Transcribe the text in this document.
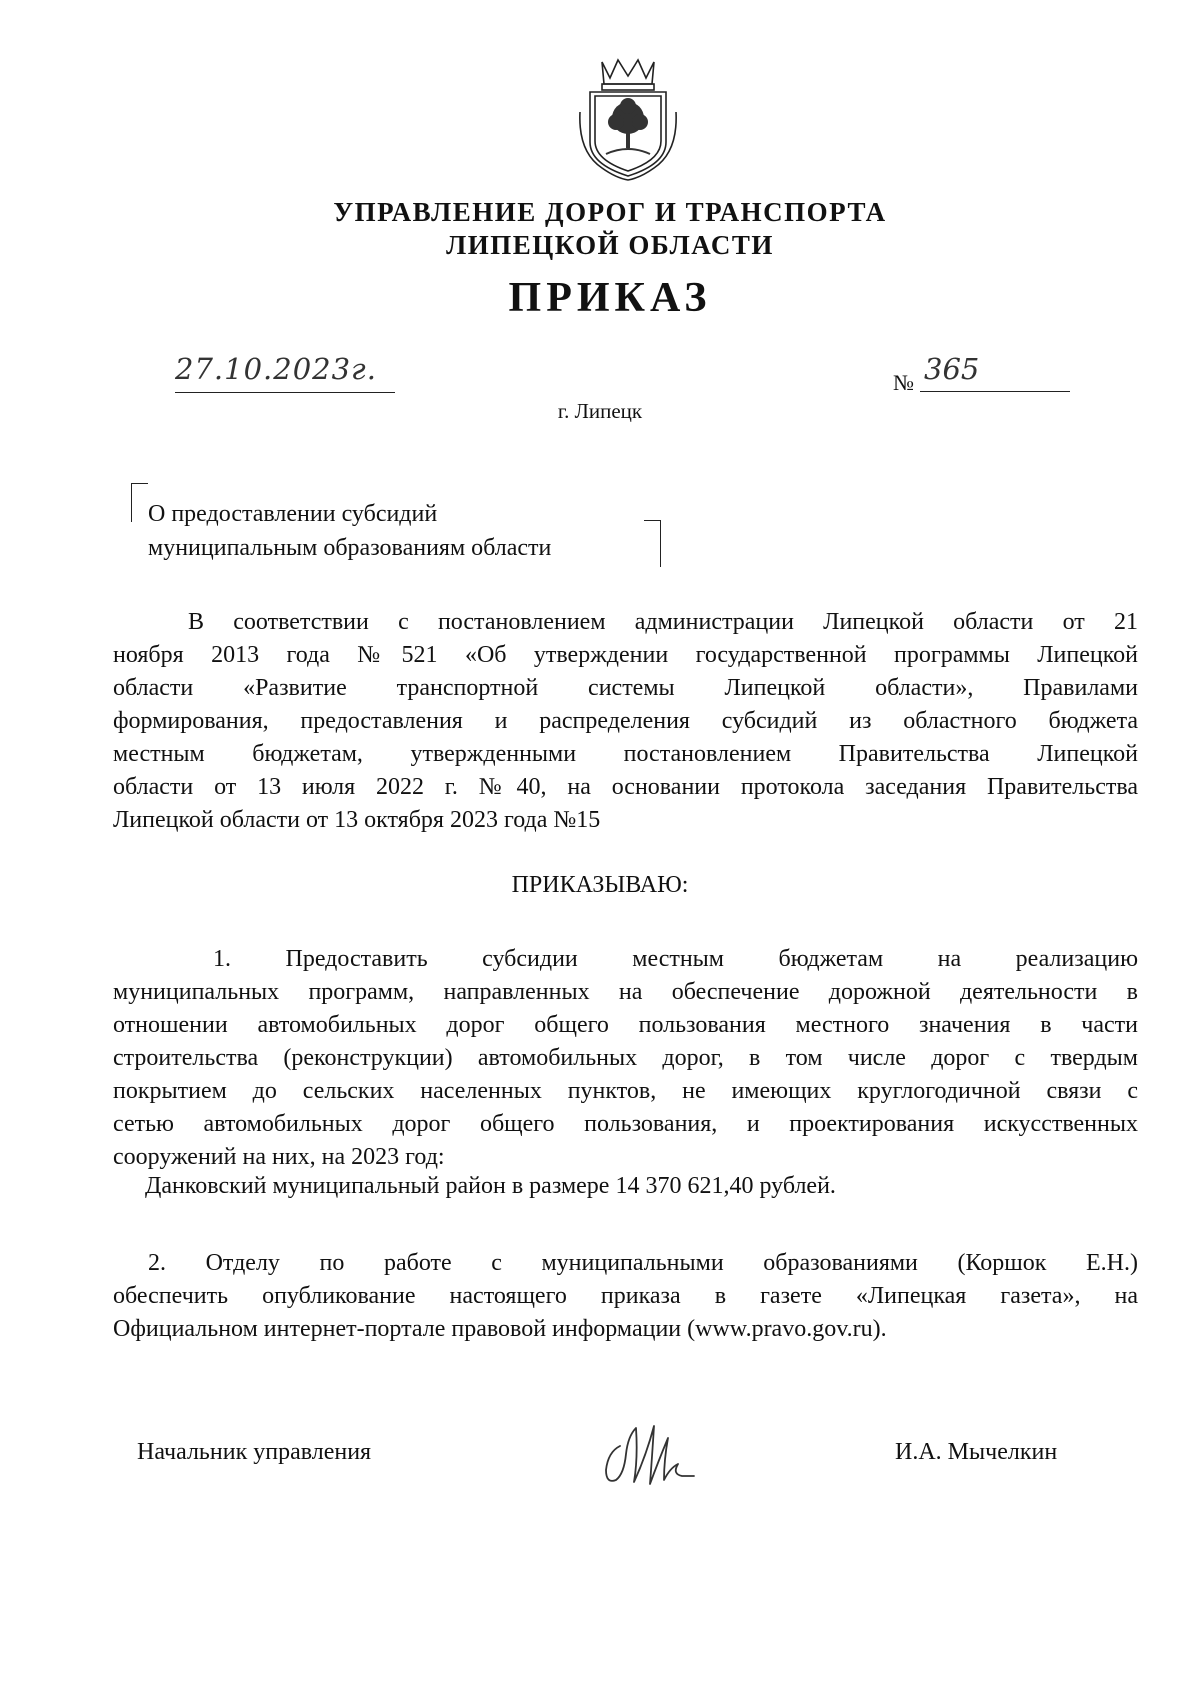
УПРАВЛЕНИЕ ДОРОГ И ТРАНСПОРТА
ЛИПЕЦКОЙ ОБЛАСТИ
ПРИКАЗ
27.10.2023г.	№ 365
г. Липецк
О предоставлении субсидий
муниципальным образованиям области
В соответствии с постановлением администрации Липецкой области от 21
ноября 2013 года №521 «Об утверждении государственной программы Липецкой
области «Развитие транспортной системы Липецкой области», Правилами
формирования, предоставления и распределения субсидий из областного бюджета
местным бюджетам, утвержденными постановлением Правительства Липецкой
области от 13 июля 2022 г. №40, на основании протокола заседания Правительства
Липецкой области от 13 октября 2023 года №15
ПРИКАЗЫВАЮ:
1. Предоставить субсидии местным бюджетам на реализацию
муниципальных программ, направленных на обеспечение дорожной деятельности в
отношении автомобильных дорог общего пользования местного значения в части
строительства (реконструкции) автомобильных дорог, в том числе дорог с твердым
покрытием до сельских населенных пунктов, не имеющих круглогодичной связи с
сетью автомобильных дорог общего пользования, и проектирования искусственных
сооружений на них, на 2023 год:
Данковский муниципальный район в размере 14 370 621,40 рублей.
2. Отделу по работе с муниципальными образованиями (Коршок Е.Н.)
обеспечить опубликование настоящего приказа в газете «Липецкая газета», на
Официальном интернет-портале правовой информации (www.pravo.gov.ru).
Начальник управления	И.А. Мычелкин
